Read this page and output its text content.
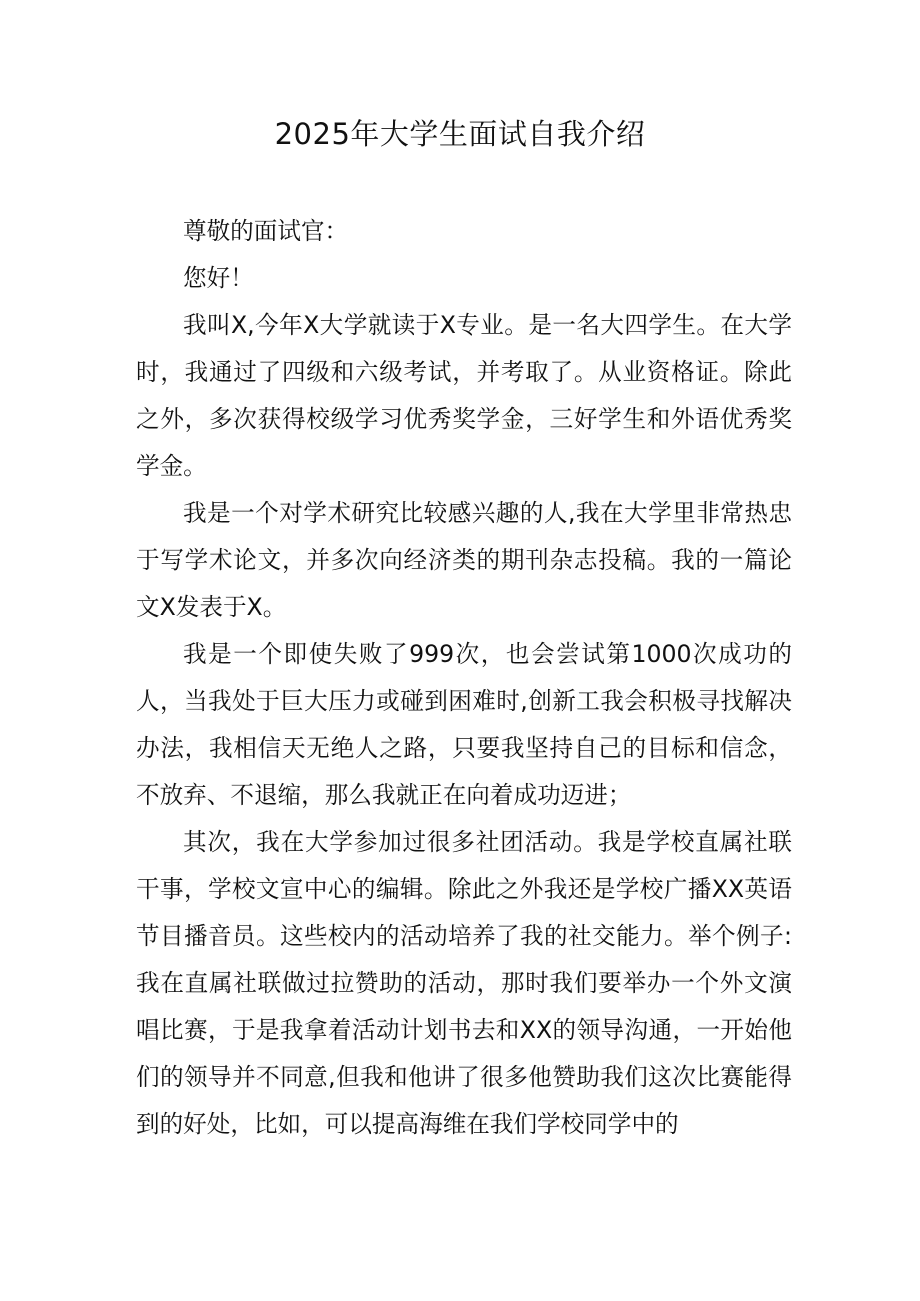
2025年大学生面试自我介绍

尊敬的面试官：

您好！

我叫X,今年X大学就读于X专业。是一名大四学生。在大学时，我通过了四级和六级考试，并考取了。从业资格证。除此之外，多次获得校级学习优秀奖学金，三好学生和外语优秀奖学金。

我是一个对学术研究比较感兴趣的人,我在大学里非常热忠于写学术论文，并多次向经济类的期刊杂志投稿。我的一篇论文X发表于X。

我是一个即使失败了999次，也会尝试第1000次成功的人，当我处于巨大压力或碰到困难时,创新工我会积极寻找解决办法，我相信天无绝人之路，只要我坚持自己的目标和信念，不放弃、不退缩，那么我就正在向着成功迈进；

其次，我在大学参加过很多社团活动。我是学校直属社联干事，学校文宣中心的编辑。除此之外我还是学校广播XX英语节目播音员。这些校内的活动培养了我的社交能力。举个例子:我在直属社联做过拉赞助的活动，那时我们要举办一个外文演唱比赛，于是我拿着活动计划书去和XX的领导沟通，一开始他们的领导并不同意,但我和他讲了很多他赞助我们这次比赛能得到的好处，比如，可以提高海维在我们学校同学中的
